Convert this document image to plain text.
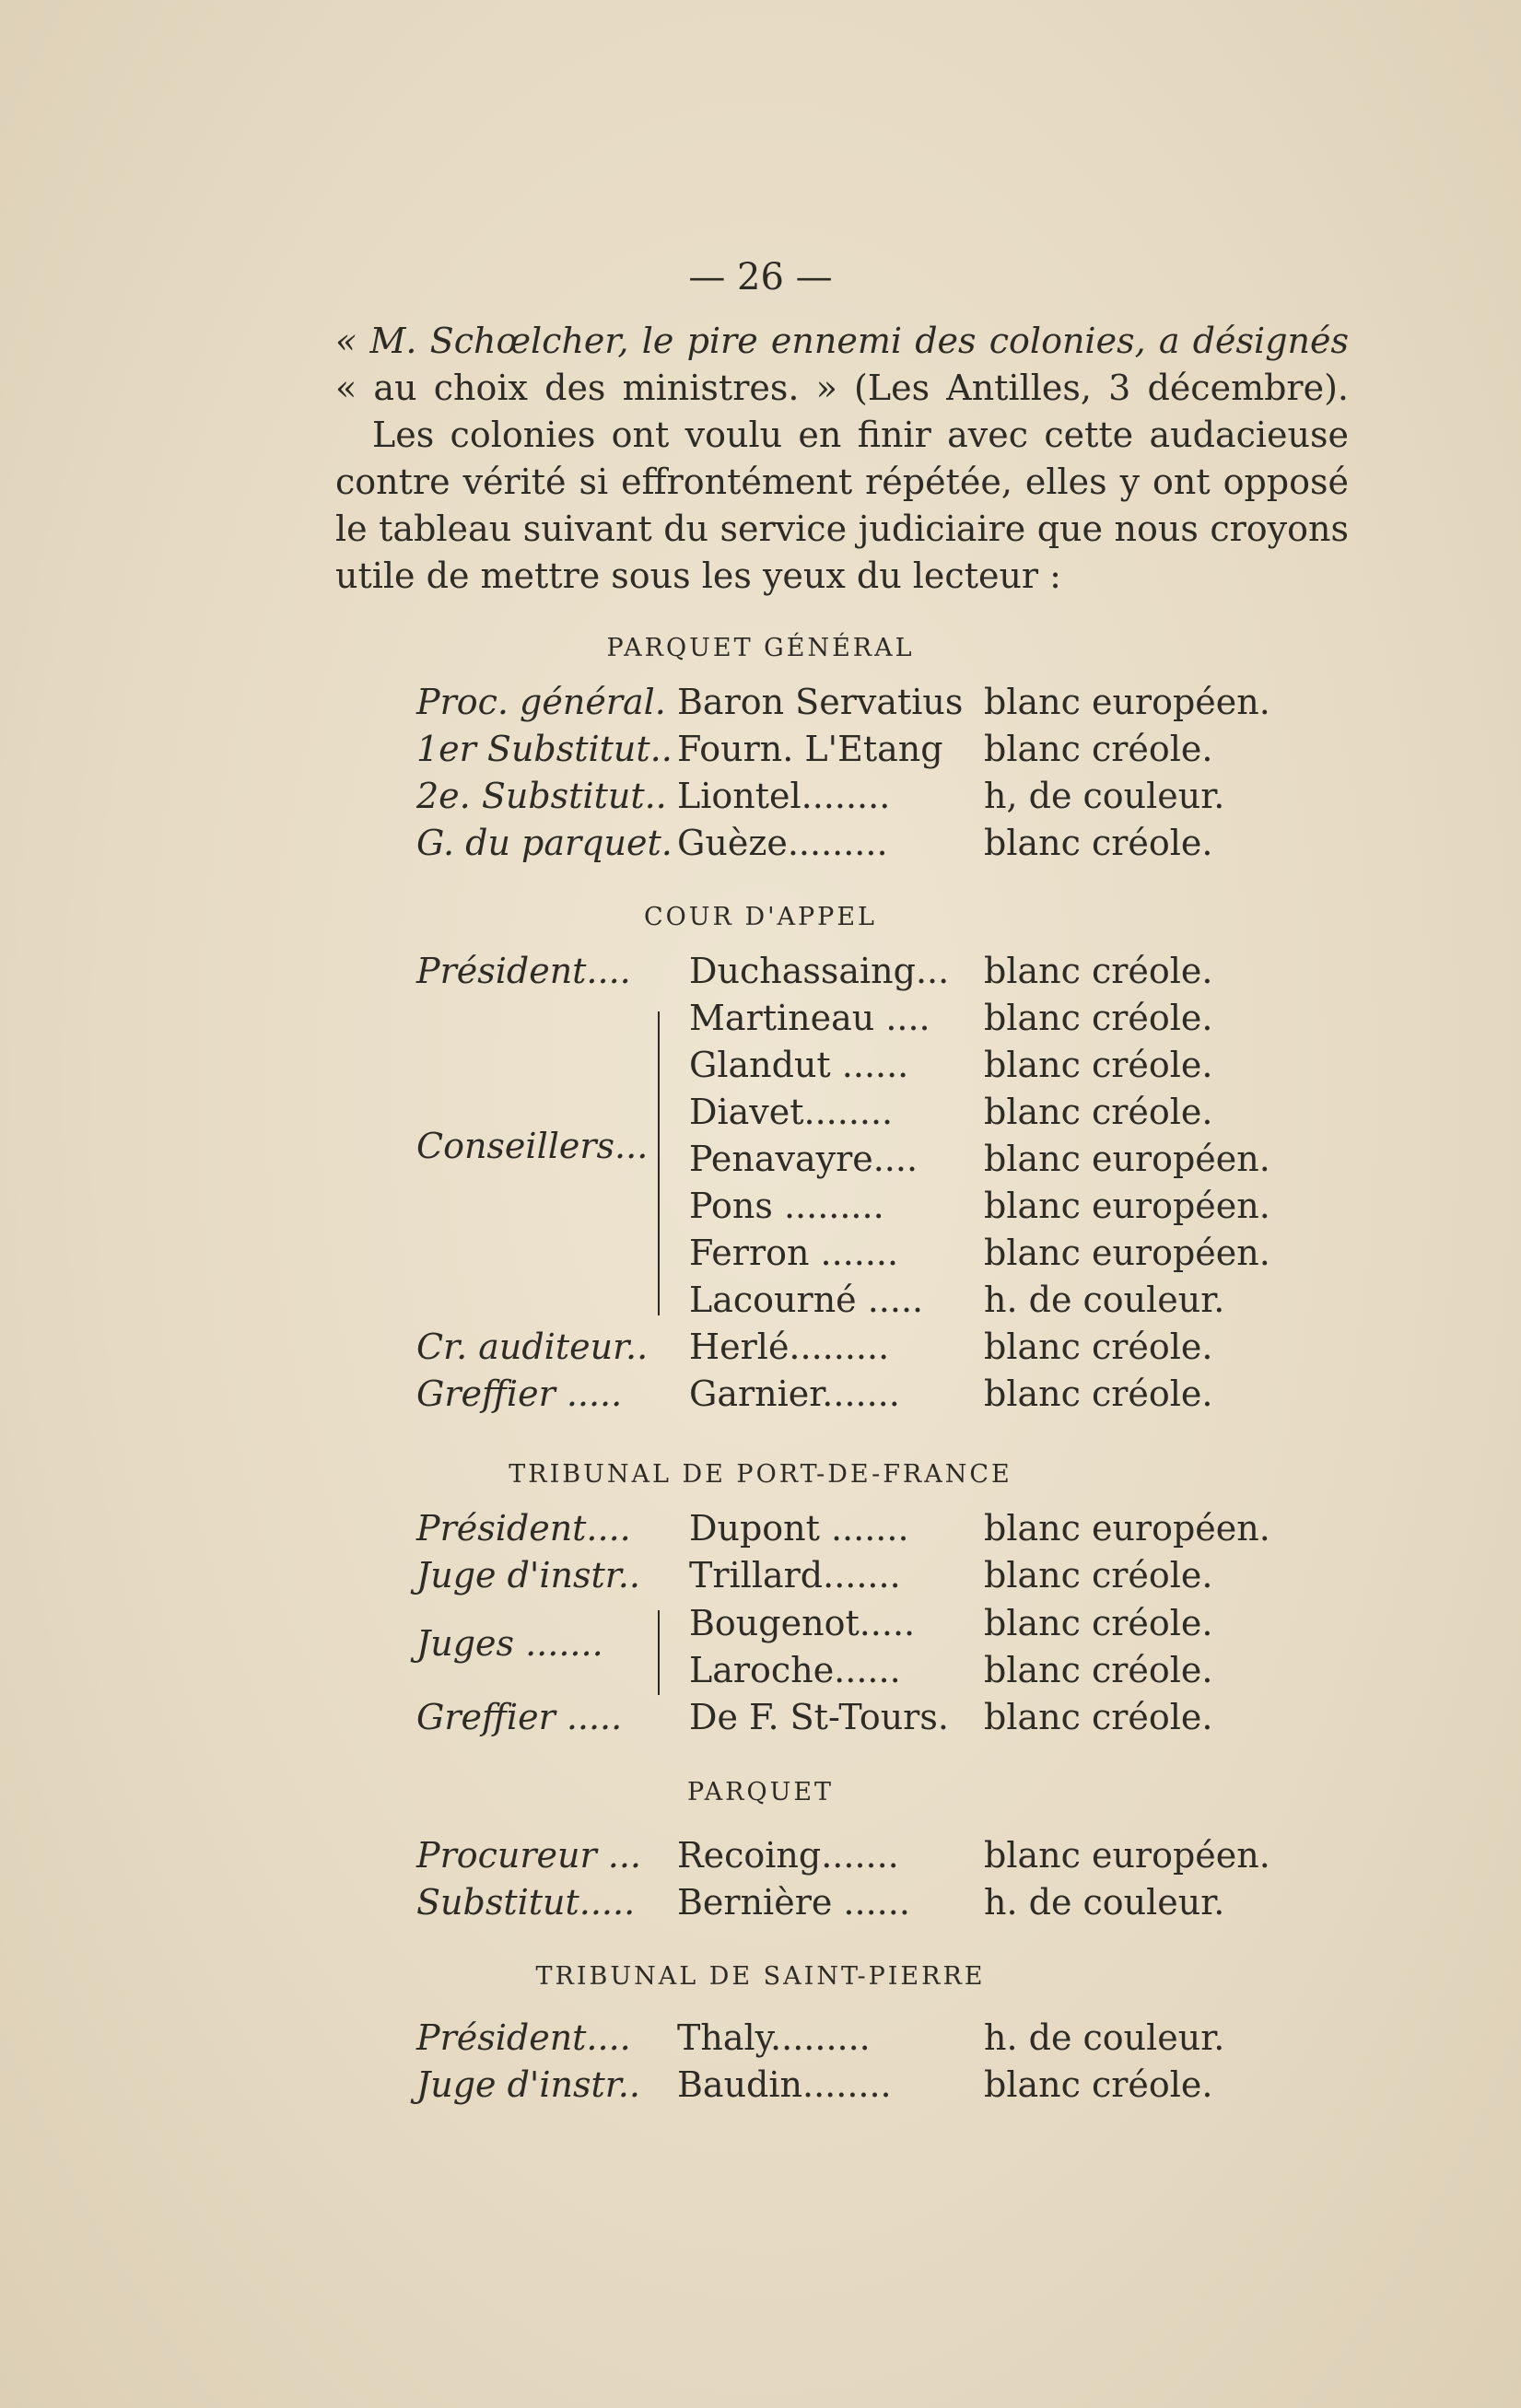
— 26 —
« M. Schœlcher, le pire ennemi des colonies, a désignés
« au choix des ministres. » (Les Antilles, 3 décembre).
Les colonies ont voulu en finir avec cette audacieuse
contre vérité si effrontément répétée, elles y ont opposé
le tableau suivant du service judiciaire que nous croyons
utile de mettre sous les yeux du lecteur :
PARQUET GÉNÉRAL
Proc. général. Baron Servatius blanc européen.
1er Substitut.. Fourn. L'Etang blanc créole.
2e. Substitut.. Liontel........	h, de couleur.
G. du parquet. Guèze.........	blanc créole.
COUR D'APPEL
Président.... Duchassaing... blanc créole.
Conseillers...
Martineau .... blanc créole.
Glandut ...... blanc créole.
Diavet........	blanc créole.
Penavayre.... blanc européen.
Pons .........	blanc européen.
Ferron ....... blanc européen.
Lacourné ..... h. de couleur.
Cr. auditeur.. Herlé.........	blanc créole.
Greffier ..... Garnier....... blanc créole.
TRIBUNAL DE PORT-DE-FRANCE
Président.... Dupont ....... blanc européen.
Juge d'instr.. Trillard....... blanc créole.
Juges ....... Bougenot..... blanc créole.
Laroche...... blanc créole.
Greffier ..... De F. St-Tours. blanc créole.
PARQUET
Procureur ... Recoing....... blanc européen.
Substitut..... Bernière ...... h. de couleur.
TRIBUNAL DE SAINT-PIERRE
Président.... Thaly.........	h. de couleur.
Juge d'instr.. Baudin........	blanc créole.
